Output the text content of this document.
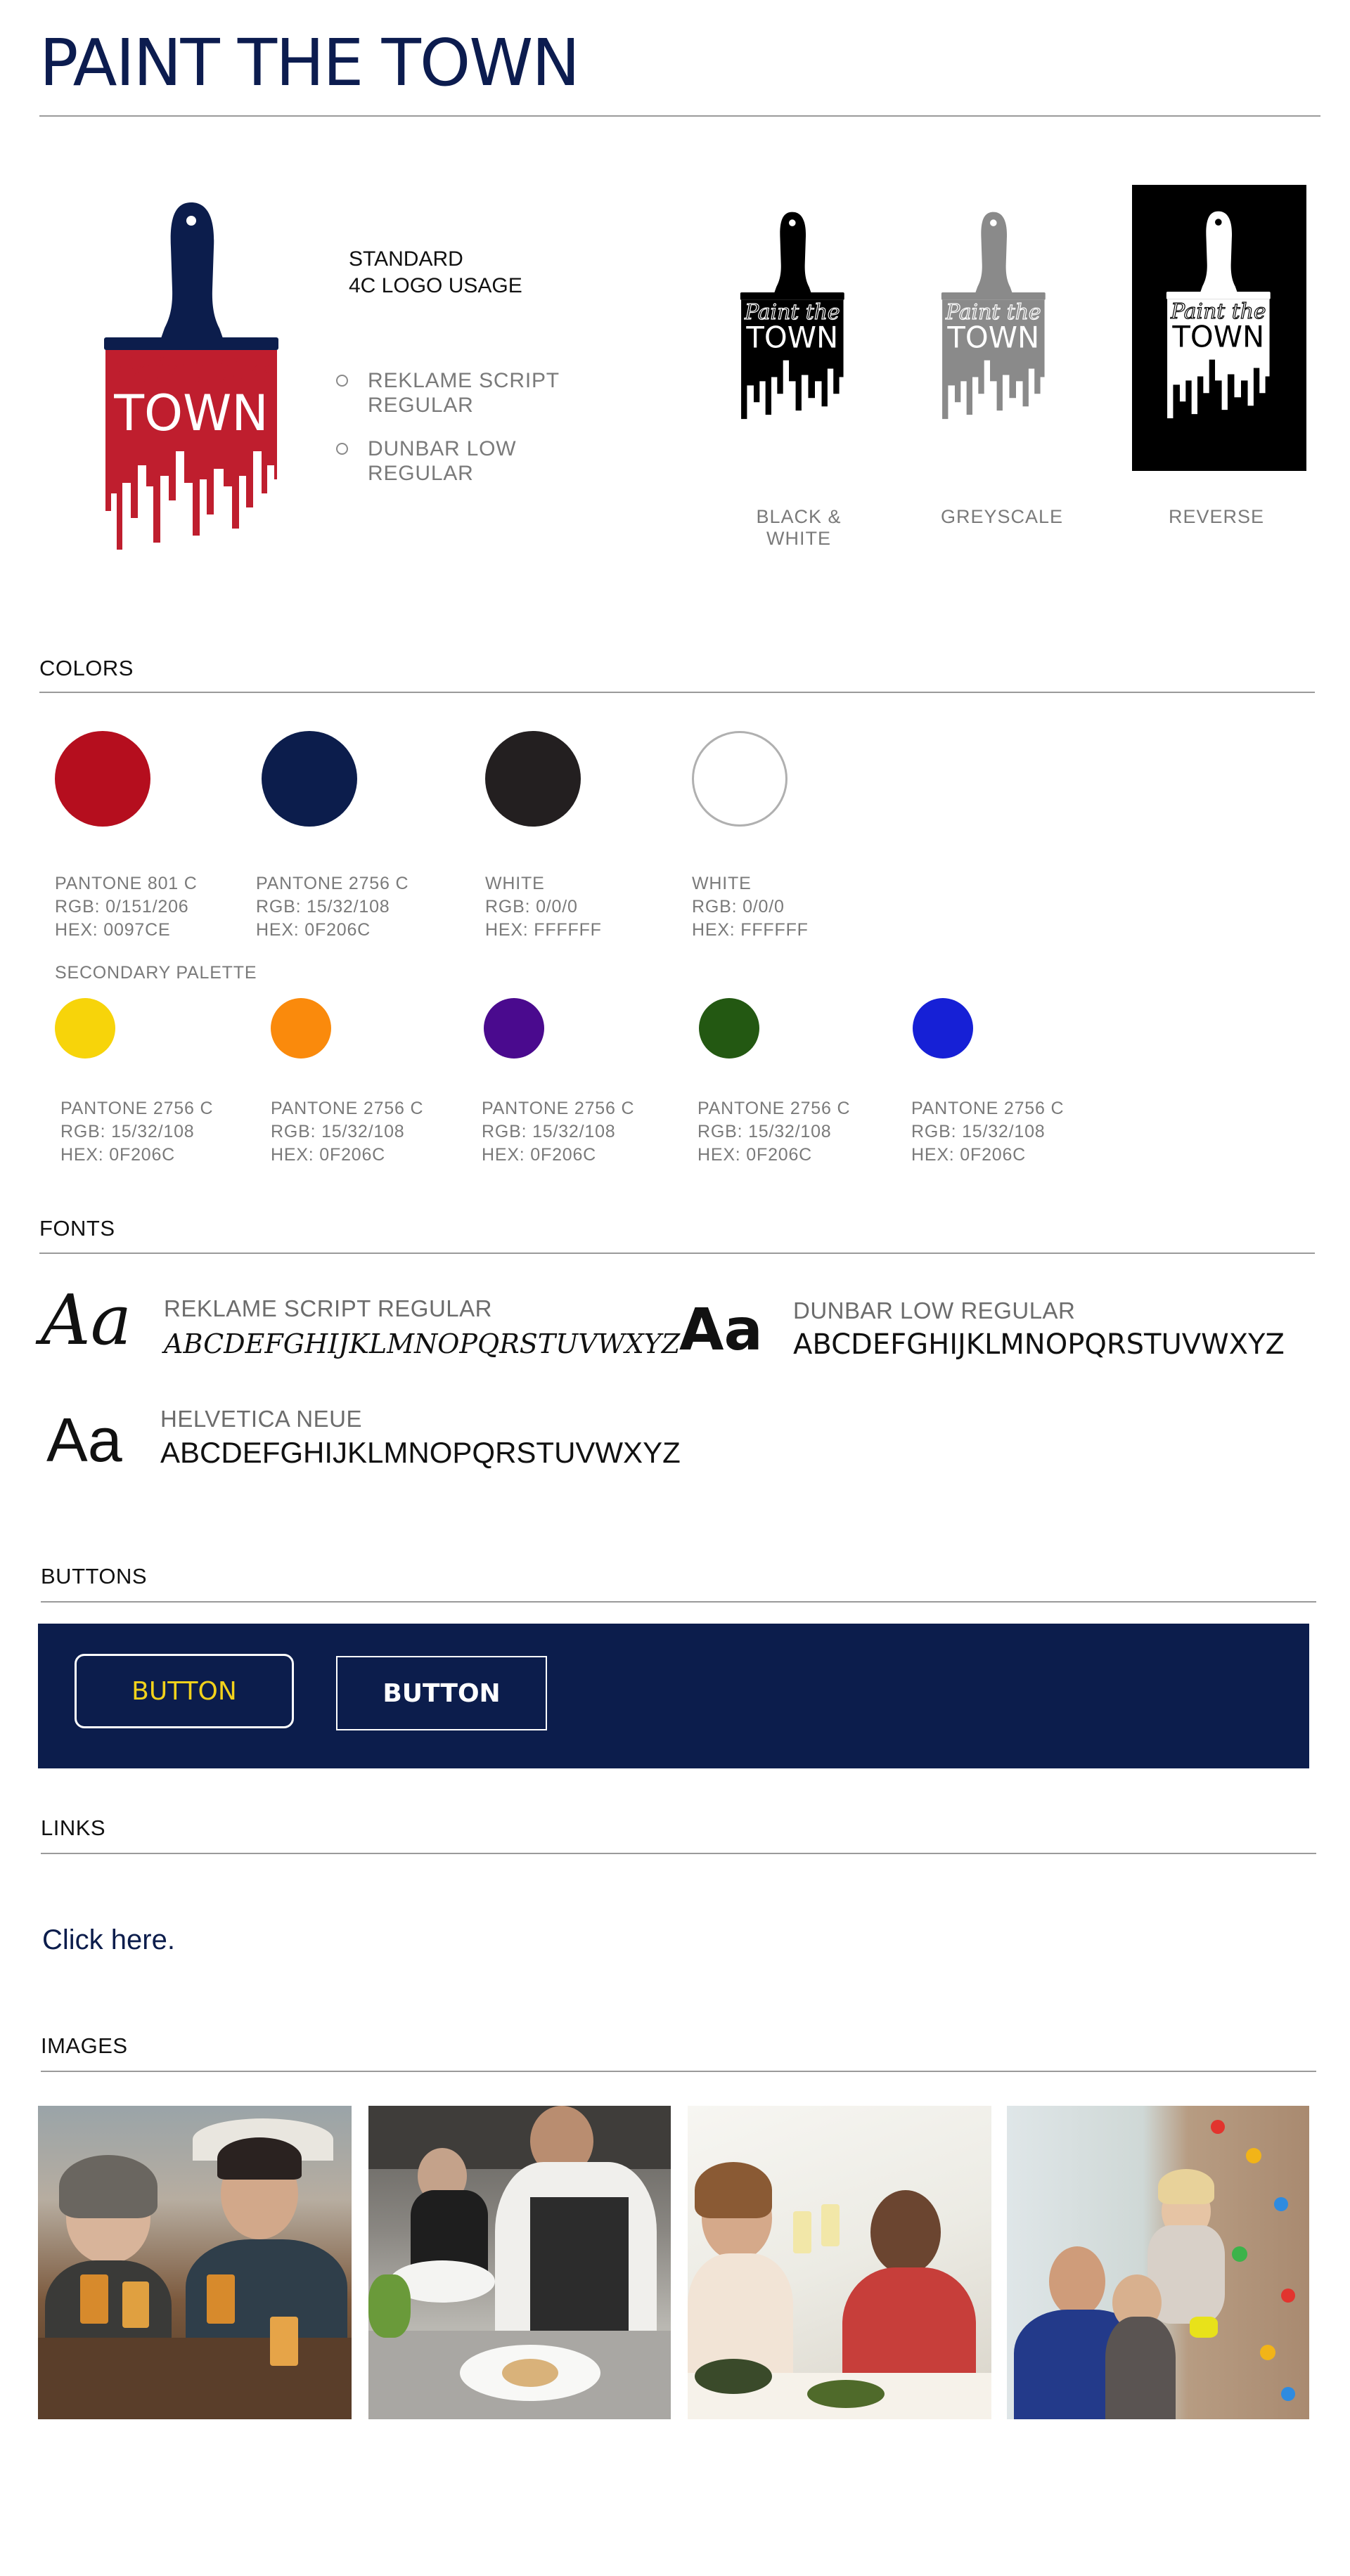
PAINT THE TOWN
Paint the
TOWN
STANDARD
4C LOGO USAGE
REKLAME SCRIPT
REGULAR
DUNBAR LOW
REGULAR
Paint the
TOWN
Paint the
TOWN
Paint the
TOWN
BLACK & WHITE
GREYSCALE	REVERSE
COLORS

PANTONE 801 C
RGB: 0/151/206
HEX: 0097CE

PANTONE 2756 C
RGB: 15/32/108
HEX: 0F206C

WHITE
RGB: 0/0/0
HEX: FFFFFF

WHITE
RGB: 0/0/0
HEX: FFFFFF

SECONDARY PALETTE

PANTONE 2756 C
RGB: 15/32/108
HEX: 0F206C

PANTONE 2756 C
RGB: 15/32/108
HEX: 0F206C

PANTONE 2756 C
RGB: 15/32/108
HEX: 0F206C

PANTONE 2756 C
RGB: 15/32/108
HEX: 0F206C

PANTONE 2756 C
RGB: 15/32/108
HEX: 0F206C

FONTS
Aa REKLAME SCRIPT REGULAR
ABCDEFGHIJKLMNOPQRSTUVWXYZ
Aa DUNBAR LOW REGULAR
ABCDEFGHIJKLMNOPQRSTUVWXYZ
Aa HELVETICA NEUE
ABCDEFGHIJKLMNOPQRSTUVWXYZ
BUTTONS
BUTTON	BUTTON
LINKS
Click here.
IMAGES
